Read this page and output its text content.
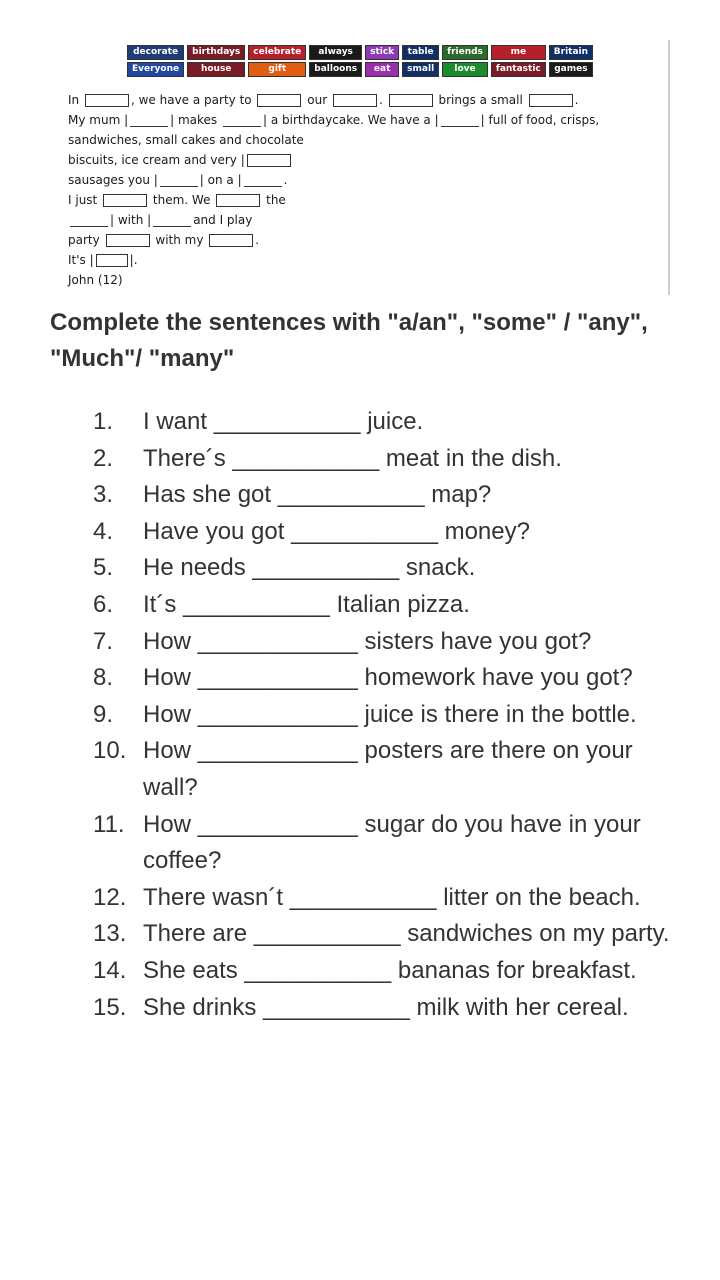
decorate	birthdays	celebrate	always	stick	table	friends	me	Britain
Everyone	house	gift	balloons	eat	small	love	fantastic	games
In	, we have a party to	our	.	brings a small	.
My mum |	| makes	| a birthdaycake. We have a |	| full of food, crisps,
sandwiches, small cakes and chocolate
biscuits, ice cream and very |
sausages you |	| on a |	.
I just	them. We	the
| with |	and I play
party	with my	.
It's |	|.
John (12)
Complete the sentences with "a/an", "some" / "any", "Much"/ "many"
1. I want ___________ juice.
2. There´s ___________ meat in the dish.
3. Has she got ___________ map?
4. Have you got ___________ money?
5. He needs ___________ snack.
6. It´s ___________ Italian pizza.
7. How ____________ sisters have you got?
8. How ____________ homework have you got?
9. How ____________ juice is there in the bottle.
10. How ____________ posters are there on your wall?
11. How ____________ sugar do you have in your coffee?
12. There wasn´t ___________ litter on the beach.
13. There are ___________ sandwiches on my party.
14. She eats ___________ bananas for breakfast.
15. She drinks ___________ milk with her cereal.
